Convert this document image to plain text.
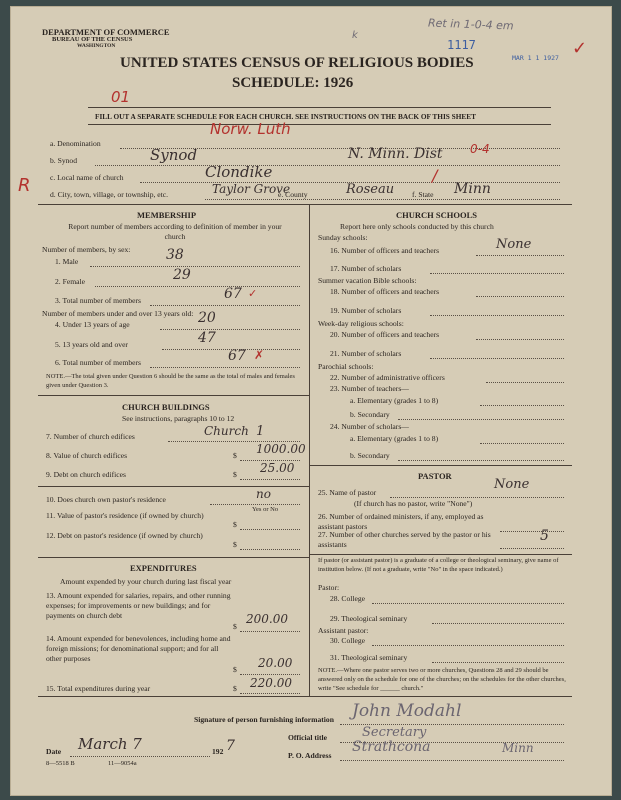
DEPARTMENT OF COMMERCE
BUREAU OF THE CENSUS
WASHINGTON
UNITED STATES CENSUS OF RELIGIOUS BODIES
SCHEDULE: 1926
1117
MAR 1 1 1927
Ret in 1-0-4 em
k
✓
01
FILL OUT A SEPARATE SCHEDULE FOR EACH CHURCH. SEE INSTRUCTIONS ON THE BACK OF THIS SHEET
R
a. Denomination
Norw. Luth
b. Synod	Synod	N. Minn. Dist 0-4
c. Local name of church	Clondike	/
d. City, town, village, or township, etc.	Taylor Grove
e. County	Roseau f. State Minn
MEMBERSHIP
Report number of members according to definition of member in your church
Number of members, by sex:
1. Male	38
2. Female	29
3. Total number of members	67 ✓
Number of members under and over 13 years old:
4. Under 13 years of age	20
5. 13 years old and over	47
6. Total number of members	67 ✗
NOTE.—The total given under Question 6 should be the same as the total of males and females given under Question 3.
CHURCH BUILDINGS
See instructions, paragraphs 10 to 12
7. Number of church edifices	Church 1
8. Value of church edifices	$ 1000.00
9. Debt on church edifices	$ 25.00
10. Does church own pastor's residence	no
Yes or No
11. Value of pastor's residence (if owned by church)
$
12. Debt on pastor's residence (if owned by church)
$
EXPENDITURES
Amount expended by your church during last fiscal year
13. Amount expended for salaries, repairs, and other running expenses; for improvements or new buildings; and for payments on church debt
$
200.00
14. Amount expended for benevolences, including home and foreign missions; for denominational support; and for all other purposes
$ 20.00
15. Total expenditures during year	$ 220.00
CHURCH SCHOOLS
Report here only schools conducted by this church
Sunday schools:
16. Number of officers and teachers	None
17. Number of scholars
Summer vacation Bible schools:
18. Number of officers and teachers
19. Number of scholars
Week-day religious schools:
20. Number of officers and teachers
21. Number of scholars
Parochial schools:
22. Number of administrative officers
23. Number of teachers—
a. Elementary (grades 1 to 8)
b. Secondary
24. Number of scholars—
a. Elementary (grades 1 to 8)
b. Secondary
PASTOR
25. Name of pastor
None
(If church has no pastor, write "None")
26. Number of ordained ministers, if any, employed as assistant pastors
27. Number of other churches served by the pastor or his assistants
5
If pastor (or assistant pastor) is a graduate of a college or theological seminary, give name of institution below. (If not a graduate, write "No" in the space indicated.)
Pastor:
28. College
29. Theological seminary
Assistant pastor:
30. College
31. Theological seminary
NOTE.—Where one pastor serves two or more churches, Questions 28 and 29 should be answered only on the schedule for one of the churches; on the schedules for the other churches, write "See schedule for ______ church."
Signature of person furnishing information John Modahl
Official title	Secretary
P. O. Address
Strathcona	Minn
Date March 7	192 7
8—5518 B	11—9054a
